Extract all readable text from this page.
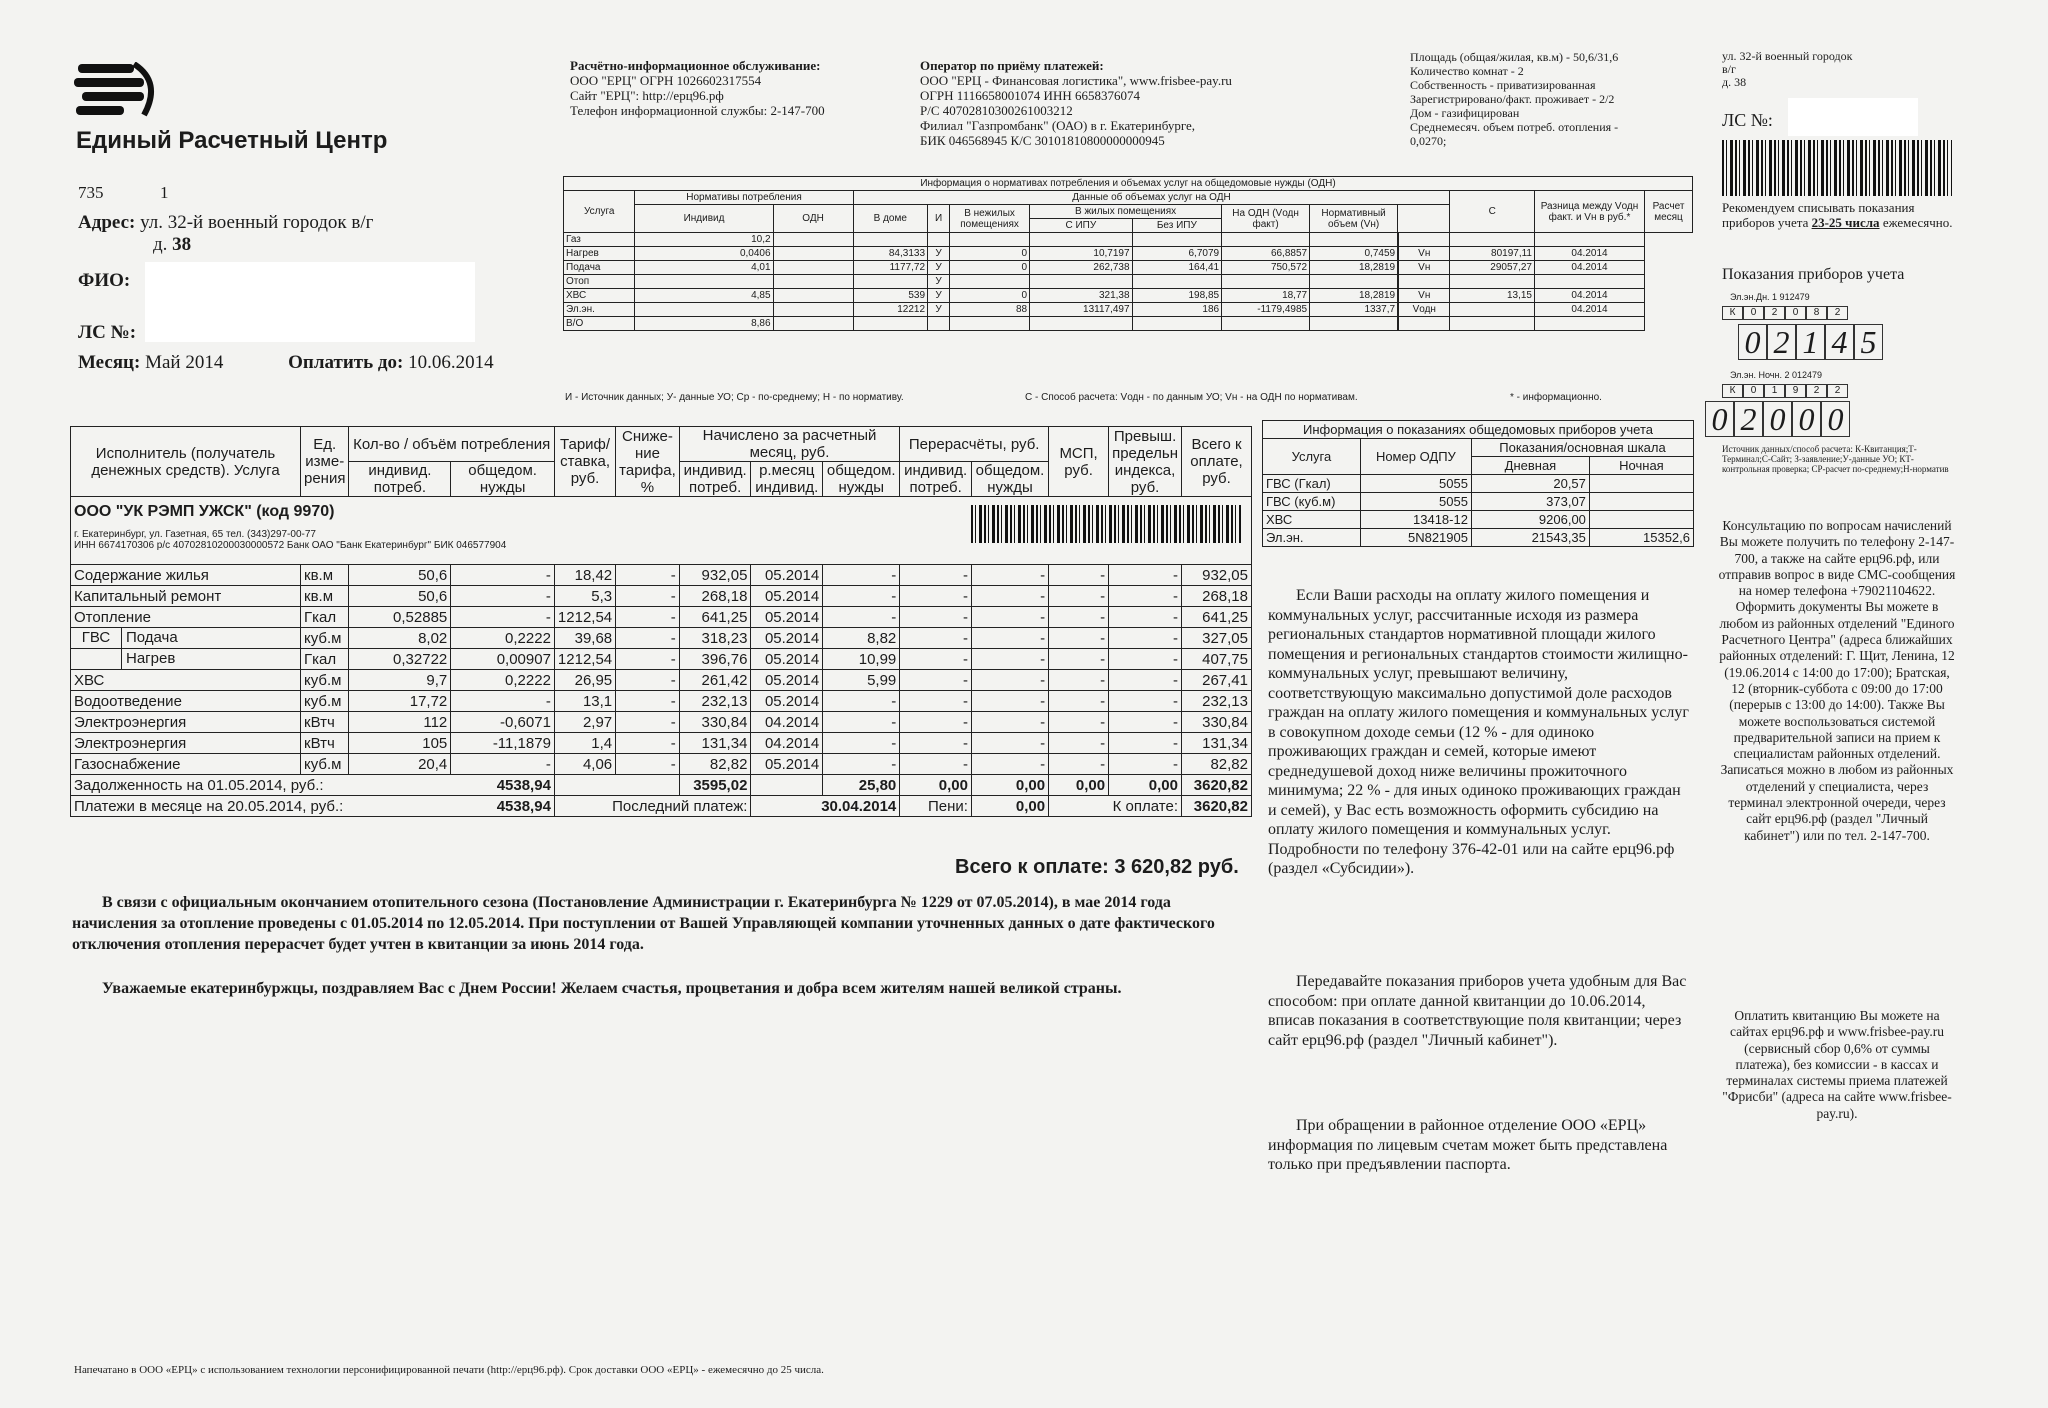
Единый Расчетный Центр
735	1
Адрес: ул. 32-й военный городок в/г
д. 38
ФИО:
ЛС №:
Месяц: Май 2014	Оплатить до: 10.06.2014
Расчётно-информационное обслуживание:
ООО "ЕРЦ" ОГРН 1026602317554
Сайт "ЕРЦ": http://ерц96.рф
Телефон информационной службы: 2-147-700
Оператор по приёму платежей:
ООО "ЕРЦ - Финансовая логистика", www.frisbee-pay.ru
ОГРН 1116658001074 ИНН 6658376074
Р/С 40702810300261003212
Филиал "Газпромбанк" (ОАО) в г. Екатеринбурге,
БИК 046568945 К/С 30101810800000000945
Площадь (общая/жилая, кв.м) - 50,6/31,6
Количество комнат - 2
Собственность - приватизированная
Зарегистрировано/факт. проживает - 2/2
Дом - газифицирован
Среднемесяч. объем потреб. отопления -
0,0270;
ул. 32-й военный городок в/г
д. 38
ЛС №:
Информация о нормативах потребления и объемах услуг на общедомовые нужды (ОДН)													
Услуга	Нормативы потребления		Данные об объемах услуг на ОДН								С	Разница между Vодн факт. и Vн в руб.*	Расчет месяц
	Индивид	ОДН	В доме	И	В нежилых помещениях	В жилых помещениях		На ОДН (Vодн факт)	Нормативный объем (Vн)				
						С ИПУ	Без ИПУ						
Газ	10,2												
Нагрев	0,0406		84,3133	У	0	10,7197	6,7079	66,8857	0,7459		Vн	80197,11	04.2014	
Подача	4,01		1177,72	У	0	262,738	164,41	750,572	18,2819		Vн	29057,27	04.2014	
Отоп				У									
ХВС	4,85		539	У	0	321,38	198,85	18,77	18,2819		Vн	13,15	04.2014	
Эл.эн.			12212	У	88	13117,497	186	-1179,4985	1337,7		Vодн		04.2014	
В/О	8,86												
И - Источник данных; У- данные УО; Ср - по-среднему; Н - по нормативу.	С - Способ расчета: Vодн - по данным УО; Vн - на ОДН по нормативам.	* - информационно.
Исполнитель (получатель денежных средств). Услуга	Ед. изме-рения	Кол-во / объём потребления		Тариф/ ставка, руб.	Сниже-ние тарифа, %	Начислено за расчетный месяц, руб.			Перерасчёты, руб.		МСП, руб.	Превыш. предельн индекса, руб.	Всего к оплате, руб.
		индивид. потреб.	общедом. нужды			индивид. потреб.	р.месяц индивид.	общедом. нужды	индивид. потреб.	общедом. нужды			

ООО "УК РЭМП УЖСК" (код 9970)
г. Екатеринбург, ул. Газетная, 65 тел. (343)297-00-77
ИНН 6674170306 р/с 40702810200030000572 Банк ОАО "Банк Екатеринбург" БИК 046577904													

Содержание жилья	кв.м	50,6	-	18,42	-	932,05	05.2014	-	-	-	-	-	932,05
Капитальный ремонт	кв.м	50,6	-	5,3	-	268,18	05.2014	-	-	-	-	-	268,18
Отопление	Гкал	0,52885	-	1212,54	-	641,25	05.2014	-	-	-	-	-	641,25
ГВС Подача	куб.м	8,02	0,2222	39,68	-	318,23	05.2014	8,82	-	-	-	-	327,05
Нагрев	Гкал	0,32722	0,00907	1212,54	-	396,76	05.2014	10,99	-	-	-	-	407,75
ХВС	куб.м	9,7	0,2222	26,95	-	261,42	05.2014	5,99	-	-	-	-	267,41
Водоотведение	куб.м	17,72	-	13,1	-	232,13	05.2014	-	-	-	-	-	232,13
Электроэнергия	кВтч	112	-0,6071	2,97	-	330,84	04.2014	-	-	-	-	-	330,84
Электроэнергия	кВтч	105	-11,1879	1,4	-	131,34	04.2014	-	-	-	-	-	131,34
Газоснабжение	куб.м	20,4	-	4,06	-	82,82	05.2014	-	-	-	-	-	82,82
Задолженность на 01.05.2014, руб.:			4538,94			3595,02		25,80	0,00	0,00	0,00	0,00	3620,82
Платежи в месяце на 20.05.2014, руб.:			4538,94	Последний платеж:			30.04.2014		Пени:	0,00	К оплате:		3620,82
Всего к оплате: 3 620,82 руб.
В связи с официальным окончанием отопительного сезона (Постановление Администрации г. Екатеринбурга № 1229 от 07.05.2014), в мае 2014 года начисления за отопление проведены с 01.05.2014 по 12.05.2014. При поступлении от Вашей Управляющей компании уточненных данных о дате фактического отключения отопления перерасчет будет учтен в квитанции за июнь 2014 года.
Уважаемые екатеринбуржцы, поздравляем Вас с Днем России! Желаем счастья, процветания и добра всем жителям нашей великой страны.
Информация о показаниях общедомовых приборов учета			
Услуга	Номер ОДПУ	Показания/основная шкала	
		Дневная	Ночная
ГВС (Гкал)	5055	20,57	
ГВС (куб.м)	5055	373,07	
ХВС	13418-12	9206,00	
Эл.эн.	5N821905	21543,35	15352,6
Если Ваши расходы на оплату жилого помещения и коммунальных услуг, рассчитанные исходя из размера региональных стандартов нормативной площади жилого помещения и региональных стандартов стоимости жилищно-коммунальных услуг, превышают величину, соответствующую максимально допустимой доле расходов граждан на оплату жилого помещения и коммунальных услуг в совокупном доходе семьи (12 % - для одиноко проживающих граждан и семей, которые имеют среднедушевой доход ниже величины прожиточного минимума; 22 % - для иных одиноко проживающих граждан и семей), у Вас есть возможность оформить субсидию на оплату жилого помещения и коммунальных услуг. Подробности по телефону 376-42-01 или на сайте ерц96.рф (раздел «Субсидии»).
Передавайте показания приборов учета удобным для Вас способом: при оплате данной квитанции до 10.06.2014, вписав показания в соответствующие поля квитанции; через сайт ерц96.рф (раздел "Личный кабинет").
При обращении в районное отделение ООО «ЕРЦ» информация по лицевым счетам может быть представлена только при предъявлении паспорта.
Рекомендуем списывать показания приборов учета 23-25 числа ежемесячно.
Показания приборов учета
Эл.эн.Дн. 1 912479
К	0	2	0	8	2
0 2 1 4 5
Эл.эн. Ночн. 2 012479
К	0	1	9	2	2
0 2 0 0 0
Источник данных/способ расчета: К-Квитанция;Т-Терминал;С-Сайт; З-заявление;У-данные УО; КТ-контрольная проверка; СР-расчет по-среднему;Н-норматив
Консультацию по вопросам начислений Вы можете получить по телефону 2-147-700, а также на сайте ерц96.рф, или отправив вопрос в виде СМС-сообщения на номер телефона +79021104622. Оформить документы Вы можете в любом из районных отделений "Единого Расчетного Центра" (адреса ближайших районных отделений: Г. Щит, Ленина, 12 (19.06.2014 с 14:00 до 17:00); Братская, 12 (вторник-суббота с 09:00 до 17:00 (перерыв с 13:00 до 14:00). Также Вы можете воспользоваться системой предварительной записи на прием к специалистам районных отделений. Записаться можно в любом из районных отделений у специалиста, через терминал электронной очереди, через сайт ерц96.рф (раздел "Личный кабинет") или по тел. 2-147-700.
Оплатить квитанцию Вы можете на сайтах ерц96.рф и www.frisbee-pay.ru (сервисный сбор 0,6% от суммы платежа), без комиссии - в кассах и терминалах системы приема платежей "Фрисби" (адреса на сайте www.frisbee-pay.ru).
Напечатано в ООО «ЕРЦ» с использованием технологии персонифицированной печати (http://ерц96.рф). Срок доставки ООО «ЕРЦ» - ежемесячно до 25 числа.
